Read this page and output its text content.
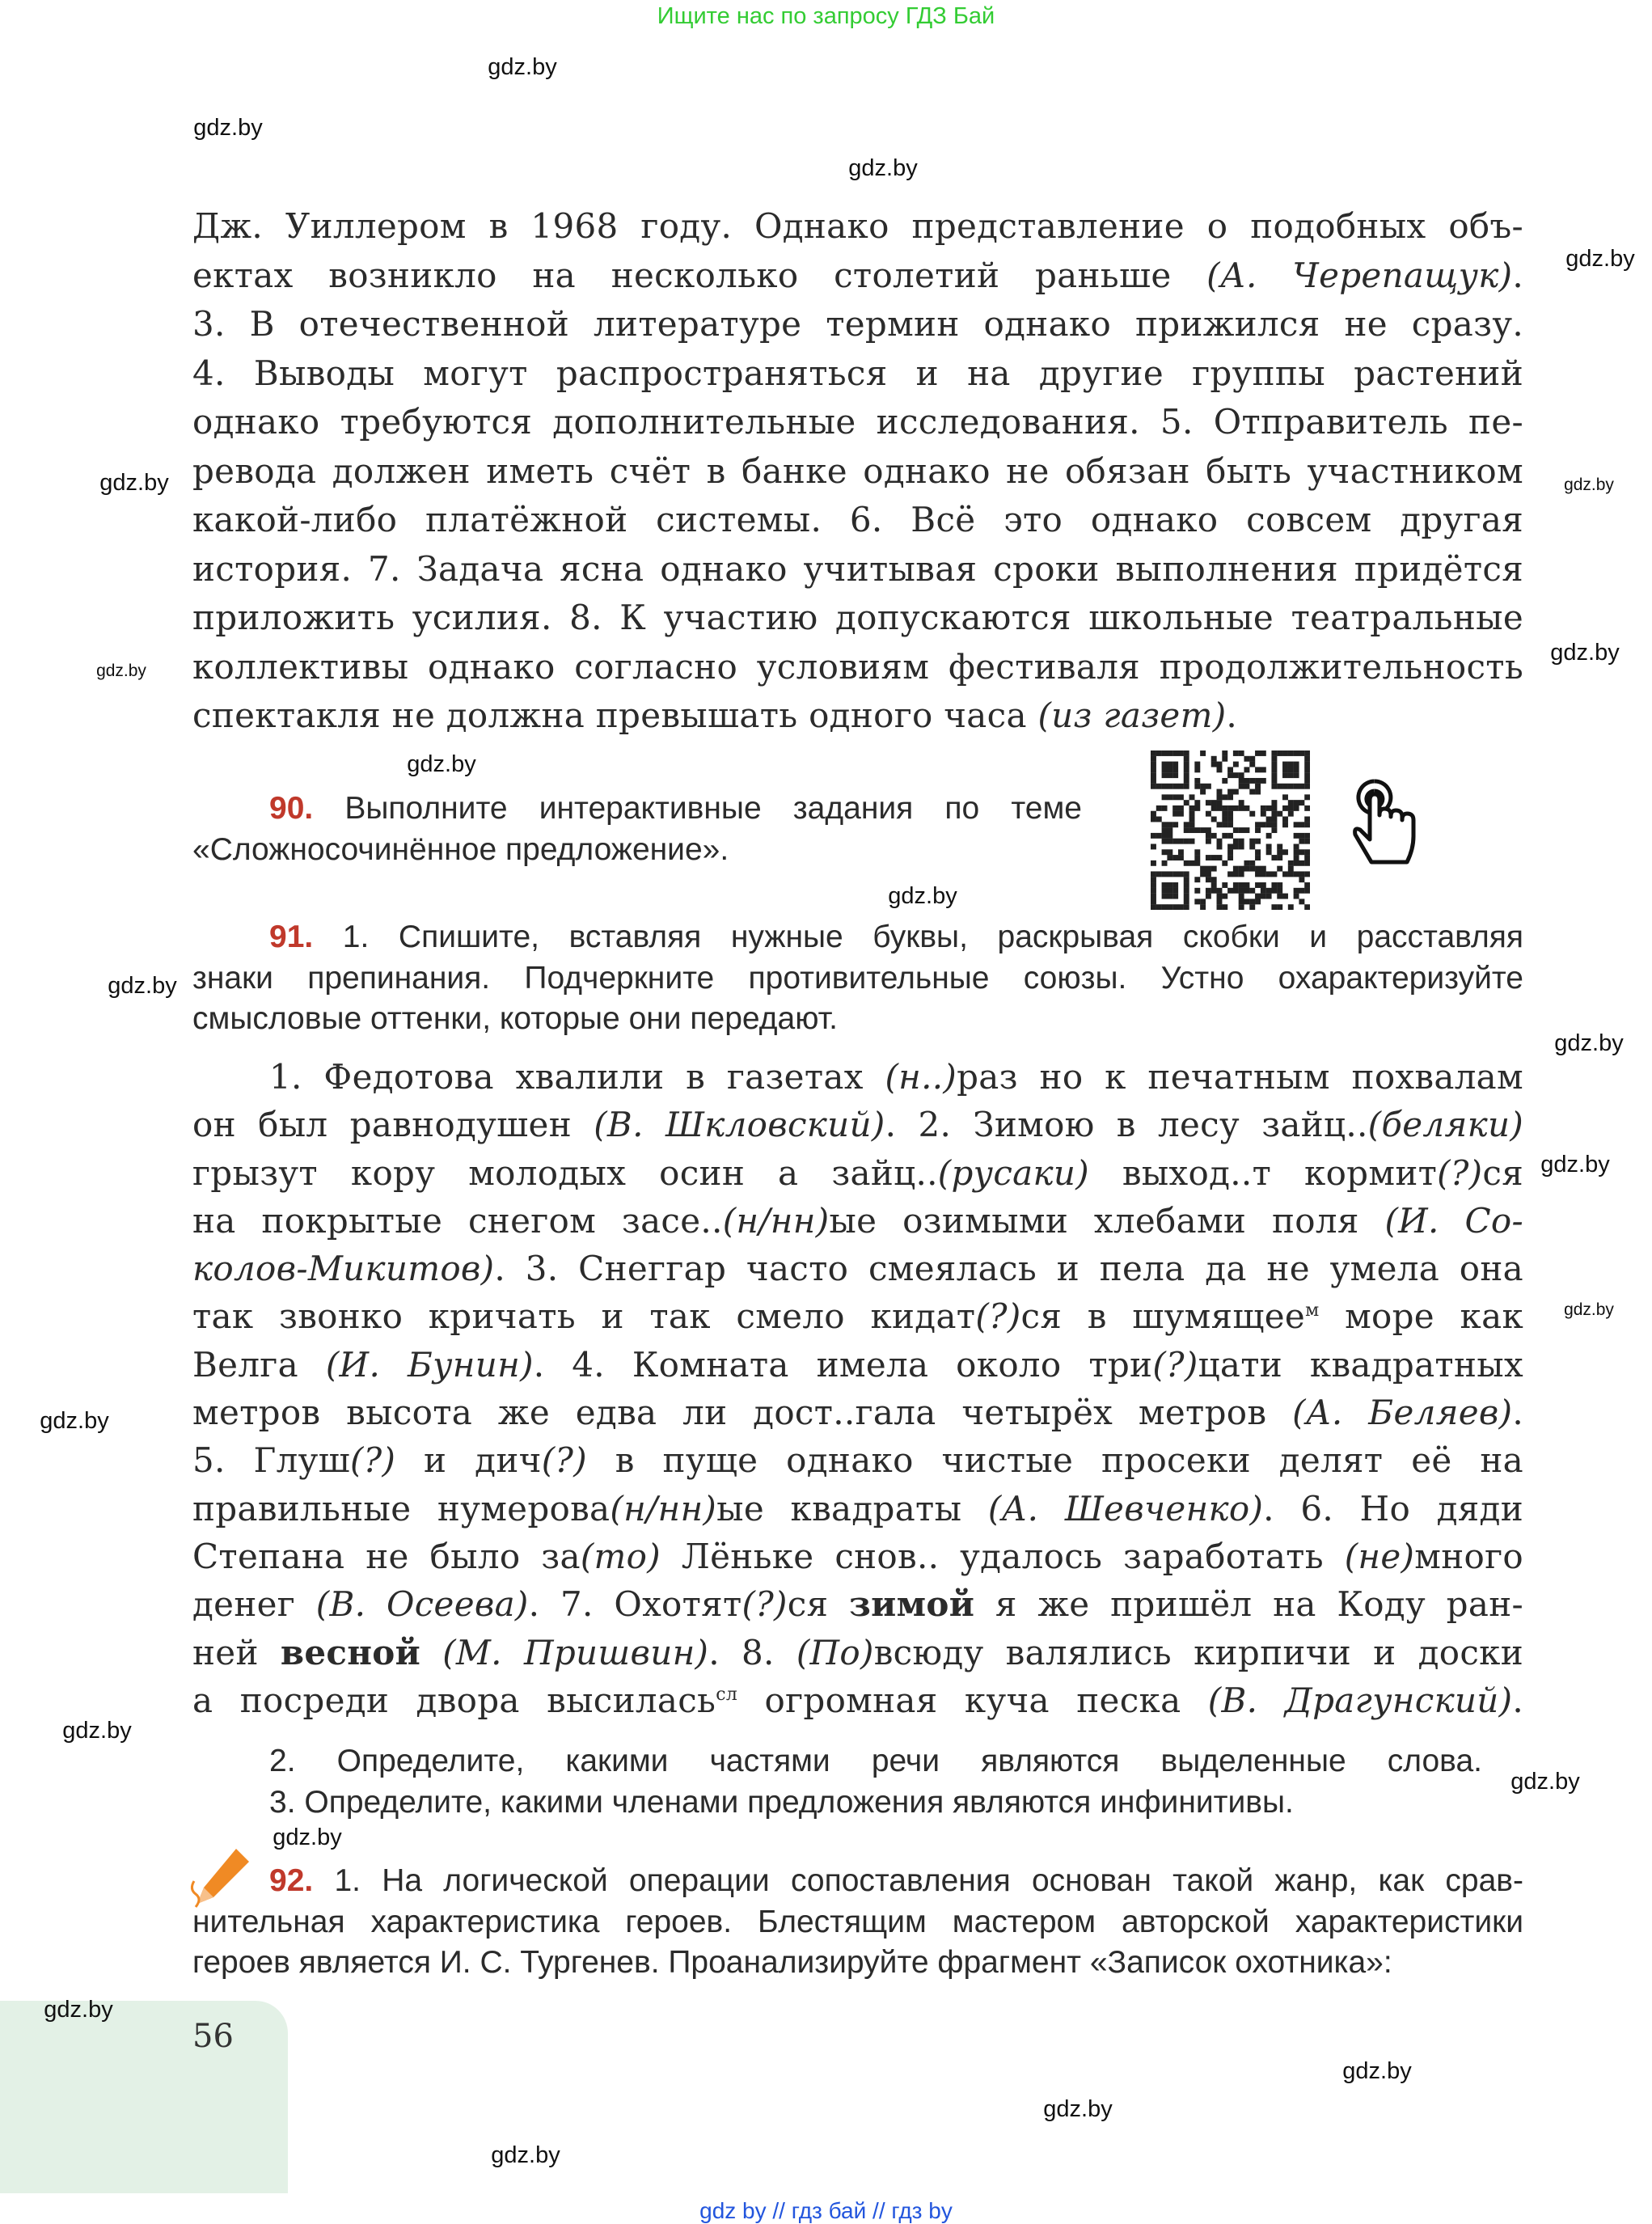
Ищите нас по запросу ГДЗ Бай
Дж. Уиллером в 1968 году. Однако представление о подобных объ-
ектах возникло на несколько столетий раньше (А. Черепащук).
3. В отечественной литературе термин однако прижился не сразу.
4. Выводы могут распространяться и на другие группы растений
однако требуются дополнительные исследования. 5. Отправитель пе-
ревода должен иметь счёт в банке однако не обязан быть участником
какой-либо платёжной системы. 6. Всё это однако совсем другая
история. 7. Задача ясна однако учитывая сроки выполнения придётся
приложить усилия. 8. К участию допускаются школьные театральные
коллективы однако согласно условиям фестиваля продолжительность
спектакля не должна превышать одного часа (из газет).
90. Выполните интерактивные задания по теме
«Сложносочинённое предложение».
91. 1. Спишите, вставляя нужные буквы, раскрывая скобки и расставляя
знаки препинания. Подчеркните противительные союзы. Устно охарактеризуйте
смысловые оттенки, которые они передают.
1. Федотова хвалили в газетах (н..)раз но к печатным похвалам
он был равнодушен (В. Шкловский). 2. Зимою в лесу зайц..(беляки)
грызут кору молодых осин а зайц..(русаки) выход..т кормит(?)ся
на покрытые снегом засе..(н/нн)ые озимыми хлебами поля (И. Со-
колов-Микитов). 3. Снеггар часто смеялась и пела да не умела она
так звонко кричать и так смело кидат(?)ся в шумящее$^м$ море как
Велга (И. Бунин). 4. Комната имела около три(?)цати квадратных
метров высота же едва ли дост..гала четырёх метров (А. Беляев).
5. Глуш(?) и дич(?) в пуще однако чистые просеки делят её на
правильные нумерова(н/нн)ые квадраты (А. Шевченко). 6. Но дяди
Степана не было за(то) Лёньке снов.. удалось заработать (не)много
денег (В. Осеева). 7. Охотят(?)ся зимой я же пришёл на Коду ран-
ней весной (М. Пришвин). 8. (По)всюду валялись кирпичи и доски
а посреди двора высилась$^{сл}$ огромная куча песка (В. Драгунский).
2. Определите, какими частями речи являются выделенные слова.
3. Определите, какими членами предложения являются инфинитивы.
92. 1. На логической операции сопоставления основан такой жанр, как срав-
нительная характеристика героев. Блестящим мастером авторской характеристики
героев является И. С. Тургенев. Проанализируйте фрагмент «Записок охотника»:
56
gdz by // гдз бай // гдз by
gdz.by
gdz.by
gdz.by
gdz.by
gdz.by
gdz.by
gdz.by
gdz.by
gdz.by
gdz.by
gdz.by
gdz.by
gdz.by
gdz.by
gdz.by
gdz.by
gdz.by
gdz.by
gdz.by
gdz.by
gdz.by
gdz.by
